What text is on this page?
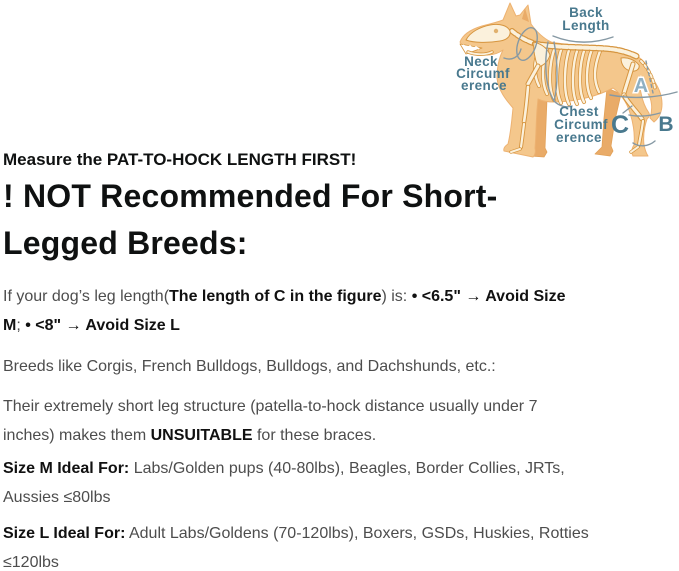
Back
Length
Neck
Circumf
erence
Chest
Circumf
erence
A
C B
Measure the PAT-TO-HOCK LENGTH FIRST!
! NOT Recommended For Short-
Legged Breeds:
If your dog’s leg length(The length of C in the figure) is: • <6.5" → Avoid Size
M; • <8" → Avoid Size L
Breeds like Corgis, French Bulldogs, Bulldogs, and Dachshunds, etc.:
Their extremely short leg structure (patella-to-hock distance usually under 7
inches) makes them UNSUITABLE for these braces.
Size M Ideal For: Labs/Golden pups (40-80lbs), Beagles, Border Collies, JRTs,
Aussies ≤80lbs
Size L Ideal For: Adult Labs/Goldens (70-120lbs), Boxers, GSDs, Huskies, Rotties
≤120lbs
